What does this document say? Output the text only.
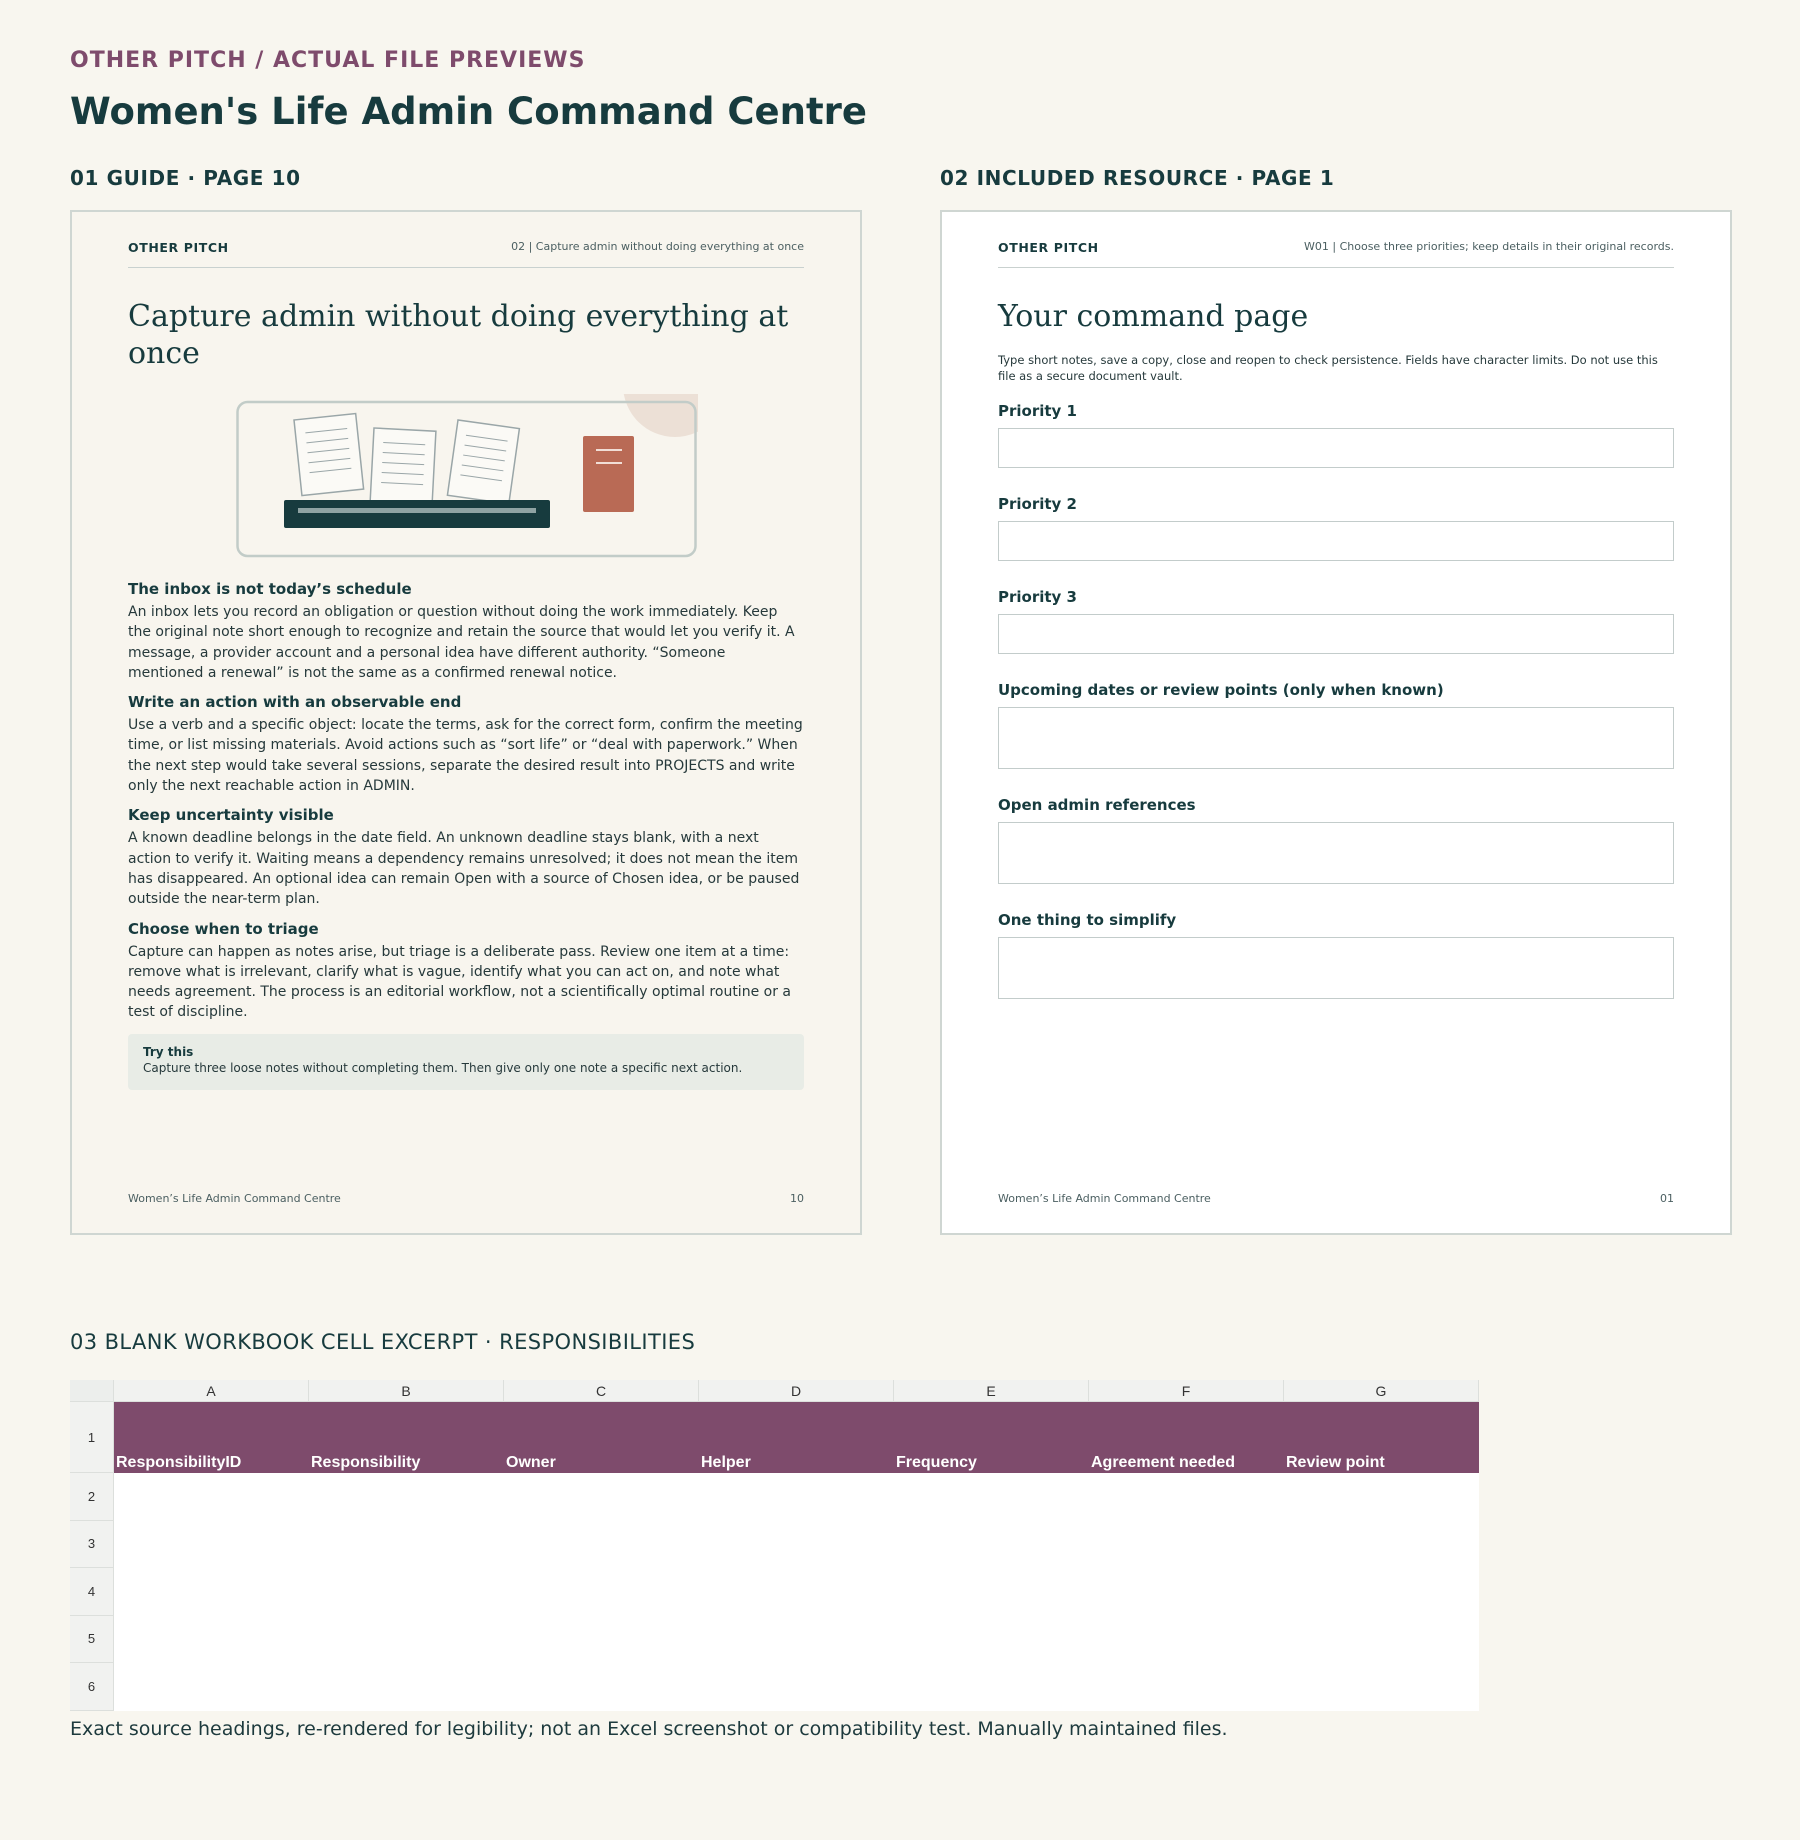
OTHER PITCH / ACTUAL FILE PREVIEWS
Women's Life Admin Command Centre
01 GUIDE · PAGE 10	02 INCLUDED RESOURCE · PAGE 1
OTHER PITCH	02 | Capture admin without doing everything at once
Capture admin without doing everything at once
The inbox is not today’s schedule

An inbox lets you record an obligation or question without doing the work immediately. Keep the original note short enough to recognize and retain the source that would let you verify it. A message, a provider account and a personal idea have different authority. “Someone mentioned a renewal” is not the same as a confirmed renewal notice.

Write an action with an observable end

Use a verb and a specific object: locate the terms, ask for the correct form, confirm the meeting time, or list missing materials. Avoid actions such as “sort life” or “deal with paperwork.” When the next step would take several sessions, separate the desired result into PROJECTS and write only the next reachable action in ADMIN.

Keep uncertainty visible

A known deadline belongs in the date field. An unknown deadline stays blank, with a next action to verify it. Waiting means a dependency remains unresolved; it does not mean the item has disappeared. An optional idea can remain Open with a source of Chosen idea, or be paused outside the near-term plan.

Choose when to triage

Capture can happen as notes arise, but triage is a deliberate pass. Review one item at a time: remove what is irrelevant, clarify what is vague, identify what you can act on, and note what needs agreement. The process is an editorial workflow, not a scientifically optimal routine or a test of discipline.

Try this
Capture three loose notes without completing them. Then give only one note a specific next action.
Women’s Life Admin Command Centre	10
OTHER PITCH	W01 | Choose three priorities; keep details in their original records.
Your command page

Type short notes, save a copy, close and reopen to check persistence. Fields have character limits. Do not use this file as a secure document vault.

Priority 1
Priority 2
Priority 3
Upcoming dates or review points (only when known)
Open admin references
One thing to simplify
Women’s Life Admin Command Centre	01
03 BLANK WORKBOOK CELL EXCERPT · RESPONSIBILITIES
A	B	C	D	E	F	G
1
ResponsibilityID	Responsibility	Owner	Helper	Frequency	Agreement needed	Review point
2
3
4
5
6

Exact source headings, re-rendered for legibility; not an Excel screenshot or compatibility test. Manually maintained files.
